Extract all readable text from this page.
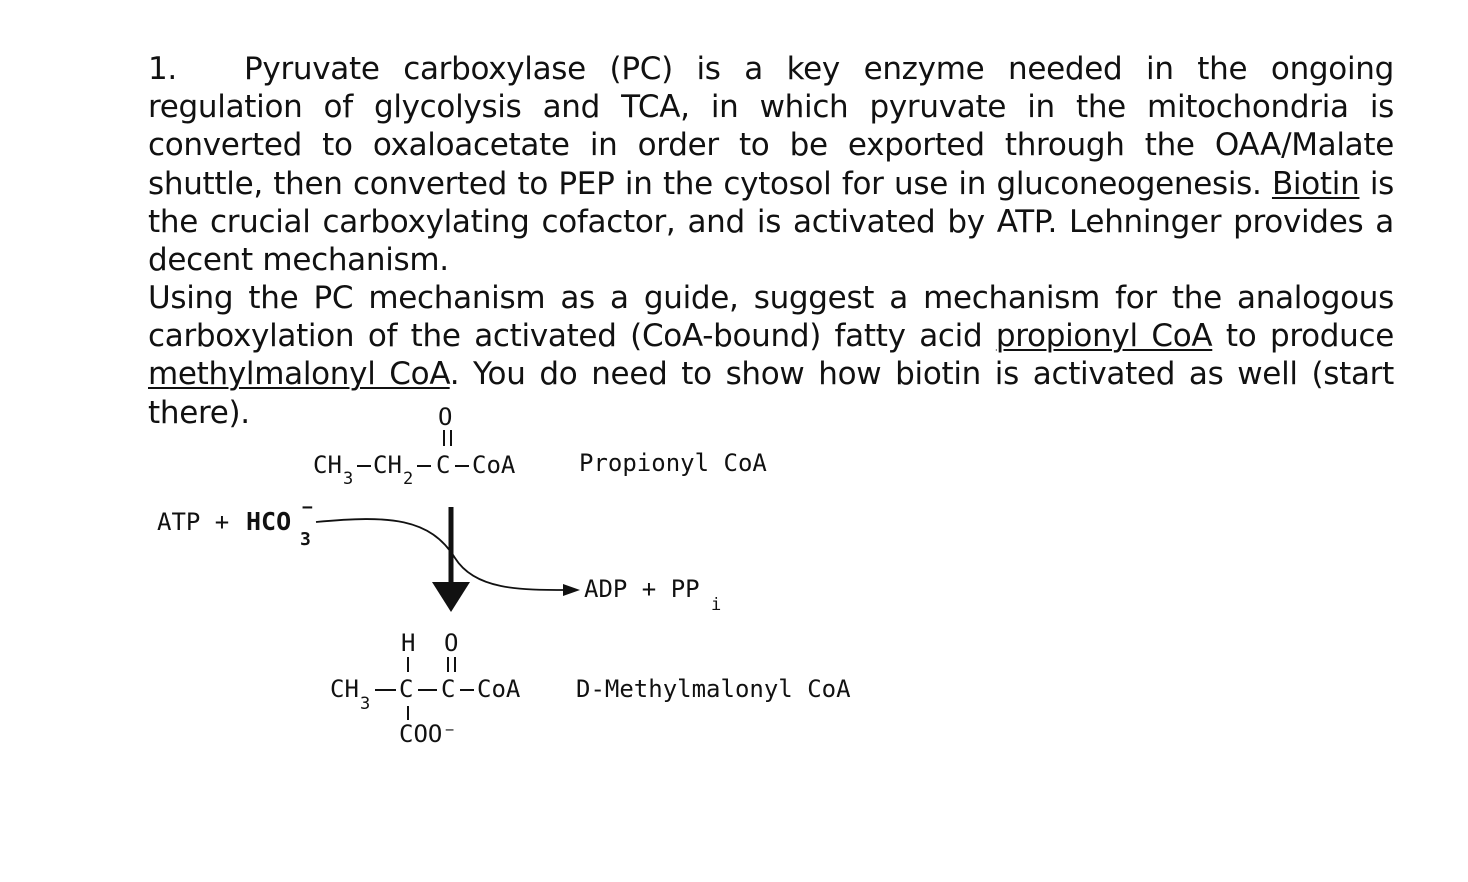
1. Pyruvate carboxylase (PC) is a key enzyme needed in the ongoing regulation of glycolysis and TCA, in which pyruvate in the mitochondria is converted to oxaloacetate in order to be exported through the OAA/Malate shuttle, then converted to PEP in the cytosol for use in gluconeogenesis. Biotin is the crucial carboxylating cofactor, and is activated by ATP. Lehninger provides a decent mechanism.

Using the PC mechanism as a guide, suggest a mechanism for the analogous carboxylation of the activated (CoA-bound) fatty acid propionyl CoA to produce methylmalonyl CoA. You do need to show how biotin is activated as well (start there).	O
CH 3 CH 2 C CoA	Propionyl CoA
ATP + HCO
3
−
ADP + PP
i
H O
CH
3
C C CoA
COO⁻
D-Methylmalonyl CoA
